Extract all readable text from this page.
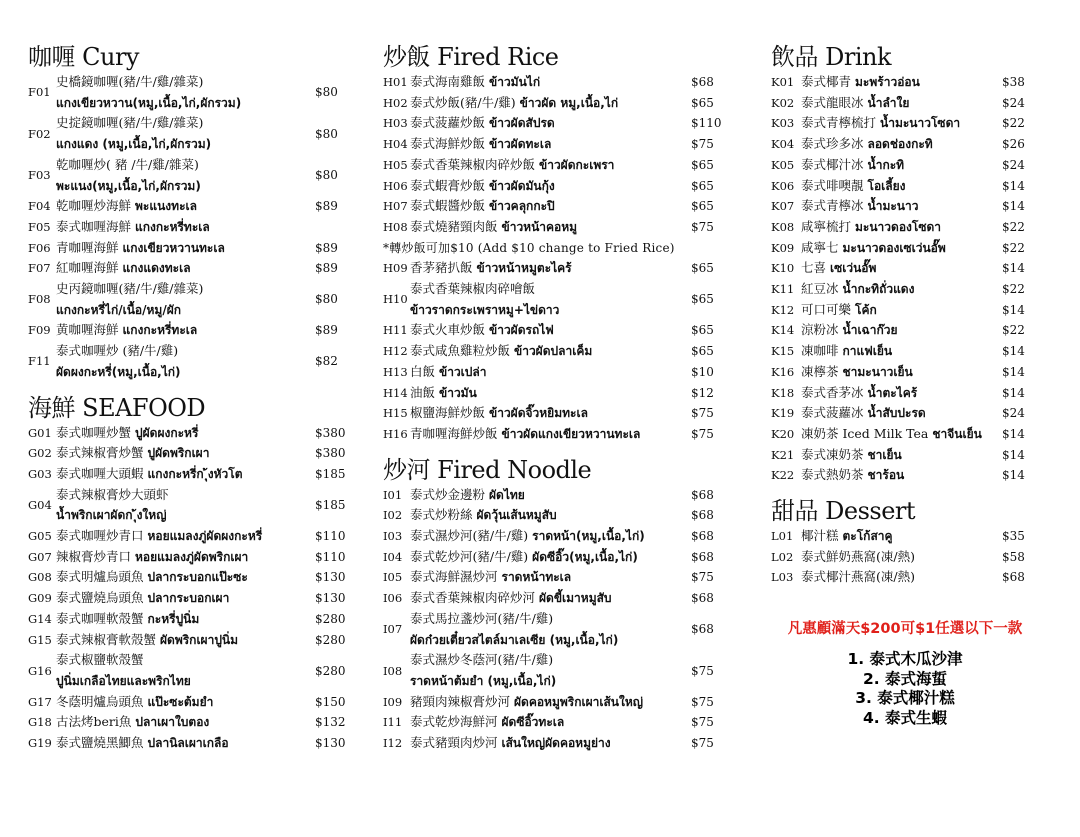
咖喱 Cury
F01
史橋鏡咖喱(豬/牛/雞/雜菜)
แกงเขียวหวาน(หมู,เนื้อ,ไก่,ผักรวม)
$80
F02
史掟鏡咖喱(豬/牛/雞/雜菜)
แกงแดง (หมู,เนื้อ,ไก่,ผักรวม)
$80
F03
乾咖喱炒( 豬 /牛/雞/雜菜)
พะแนง(หมู,เนื้อ,ไก่,ผักรวม)
$80
F04 乾咖喱炒海鮮 พะแนงทะเล	$89
F05 泰式咖喱海鮮 แกงกะหรี่ทะเล
F06 青咖喱海鮮 แกงเขียวหวานทะเล	$89
F07 紅咖喱海鮮 แกงแดงทะเล	$89
F08
史丙鏡咖喱(豬/牛/雞/雜菜)
แกงกะหรี่ไก่/เนื้อ/หมู/ผัก
$80
F09 黄咖喱海鮮 แกงกะหรี่ทะเล	$89
F11
泰式咖喱炒 (豬/牛/雞)
ผัดผงกะหรี่(หมู,เนื้อ,ไก่)
$82
海鮮 SEAFOOD
G01 泰式咖喱炒蟹 ปูผัดผงกะหรี่	$380
G02 泰式辣椒膏炒蟹 ปูผัดพริกเผา	$380
G03 泰式咖喱大頭蝦 แกงกะหรี่ก ุ้งหัวโต	$185
G04
泰式辣椒膏炒大頭虾
น้ำพริกเผาผัดก ุ้งใหญ่
$185
G05 泰式咖喱炒青口 หอยแมลงภู่ผัดผงกะหรี่	$110
G07 辣椒膏炒青口 หอยแมลงภู่ผัดพริกเผา	$110
G08 泰式明爐烏頭魚 ปลากระบอกแป๊ะซะ	$130
G09 泰式鹽燒烏頭魚 ปลากระบอกเผา	$130
G14 泰式咖喱軟殼蟹 กะหรี่ปูนิ่ม	$280
G15 泰式辣椒膏軟殼蟹 ผัดพริกเผาปูนิ่ม	$280
G16
泰式椒鹽軟殼蟹
ปูนิ่มเกลือไทยและพริกไทย
$280
G17 冬蔭明爐烏頭魚 แป๊ะซะต้มยำ	$150
G18 古法烤beri魚 ปลาเผาใบตอง	$132
G19 泰式鹽燒黑鯽魚 ปลานิลเผาเกลือ	$130
炒飯 Fired Rice
H01 泰式海南雞飯 ข้าวมันไก่	$68
H02 泰式炒飯(豬/牛/雞) ข้าวผัด หมู,เนื้อ,ไก่	$65
H03 泰式菠蘿炒飯 ข้าวผัดสัปรด	$110
H04 泰式海鮮炒飯 ข้าวผัดทะเล	$75
H05 泰式香葉辣椒肉碎炒飯 ข้าวผัดกะเพรา	$65
H06 泰式蝦膏炒飯 ข้าวผัดมันกุ้ง	$65
H07 泰式蝦醬炒飯 ข้าวคลุกกะปิ	$65
H08 泰式燒豬頸肉飯 ข้าวหน้าคอหมู	$75
*轉炒飯可加$10 (Add $10 change to Fried Rice)
H09 香茅豬扒飯 ข้าวหน้าหมูตะไคร้	$65
H10
泰式香葉辣椒肉碎噲飯
ข้าวราดกระเพราหมู+ไข่ดาว
$65
H11 泰式火車炒飯 ข้าวผัดรถไฟ	$65
H12 泰式咸魚雞粒炒飯 ข้าวผัดปลาเค็ม	$65
H13 白飯 ข้าวเปล่า	$10
H14 油飯 ข้าวมัน	$12
H15 椒鹽海鮮炒飯 ข้าวผัดจิ๊วหยิมทะเล	$75
H16 青咖喱海鮮炒飯 ข้าวผัดแกงเขียวหวานทะเล	$75
炒河 Fired Noodle
I01 泰式炒金邊粉 ผัดไทย	$68
I02 泰式炒粉絲 ผัดวุ้นเส้นหมูสับ	$68
I03 泰式濕炒河(豬/牛/雞) ราดหน้า(หมู,เนื้อ,ไก่)	$68
I04 泰式乾炒河(豬/牛/雞) ผัดซีอิ๊ว(หมู,เนื้อ,ไก่)	$68
I05 泰式海鮮濕炒河 ราดหน้าทะเล	$75
I06 泰式香葉辣椒肉碎炒河 ผัดขี้เมาหมูสับ	$68
I07
泰式馬拉盞炒河(豬/牛/雞)
ผัดก๋วยเตี๋ยวสไตล์มาเลเซีย (หมู,เนื้อ,ไก่)
$68
I08
泰式濕炒冬蔭河(豬/牛/雞)
ราดหน้าต้มยำ (หมู,เนื้อ,ไก่)
$75
I09 豬頸肉辣椒膏炒河 ผัดคอหมูพริกเผาเส้นใหญ่	$75
I11 泰式乾炒海鮮河 ผัดซีอิ๊วทะเล	$75
I12 泰式豬頸肉炒河 เส้นใหญ่ผัดคอหมูย่าง	$75
飲品 Drink
K01 泰式椰青 มะพร้าวอ่อน	$38
K02 泰式龍眼冰 น้ำลำใย	$24
K03 泰式青檸梳打 น้ำมะนาวโซดา	$22
K04 泰式珍多冰 ลอดช่องกะทิ	$26
K05 泰式椰汁冰 น้ำกะทิ	$24
K06 泰式啡噢靚 โอเลี้ยง	$14
K07 泰式青檸冰 น้ำมะนาว	$14
K08 咸寧梳打 มะนาวดองโซดา	$22
K09 咸寧七 มะนาวดองเซเว่นอั๊พ	$22
K10 七喜 เซเว่นอั๊พ	$14
K11 紅豆冰 น้ำกะทิถั่วแดง	$22
K12 可口可樂 โค้ก	$14
K14 涼粉冰 น้ำเฉาก๊วย	$22
K15 凍咖啡 กาแฟเย็น	$14
K16 凍檸茶 ชามะนาวเย็น	$14
K18 泰式香茅冰 น้ำตะไคร้	$14
K19 泰式菠蘿冰 น้ำสับปะรด	$24
K20 凍奶茶 Iced Milk Tea ชาจีนเย็น	$14
K21 泰式凍奶茶 ชาเย็น	$14
K22 泰式熱奶茶 ชาร้อน	$14
甜品 Dessert
L01 椰汁糕 ตะโก้สาคู	$35
L02 泰式鮮奶燕窩(凍/熱)	$58
L03 泰式椰汁燕窩(凍/熱)	$68
凡惠顧滿天$200可$1任選以下一款
1. 泰式木瓜沙津
2. 泰式海蜇
3. 泰式椰汁糕
4. 泰式生蝦
